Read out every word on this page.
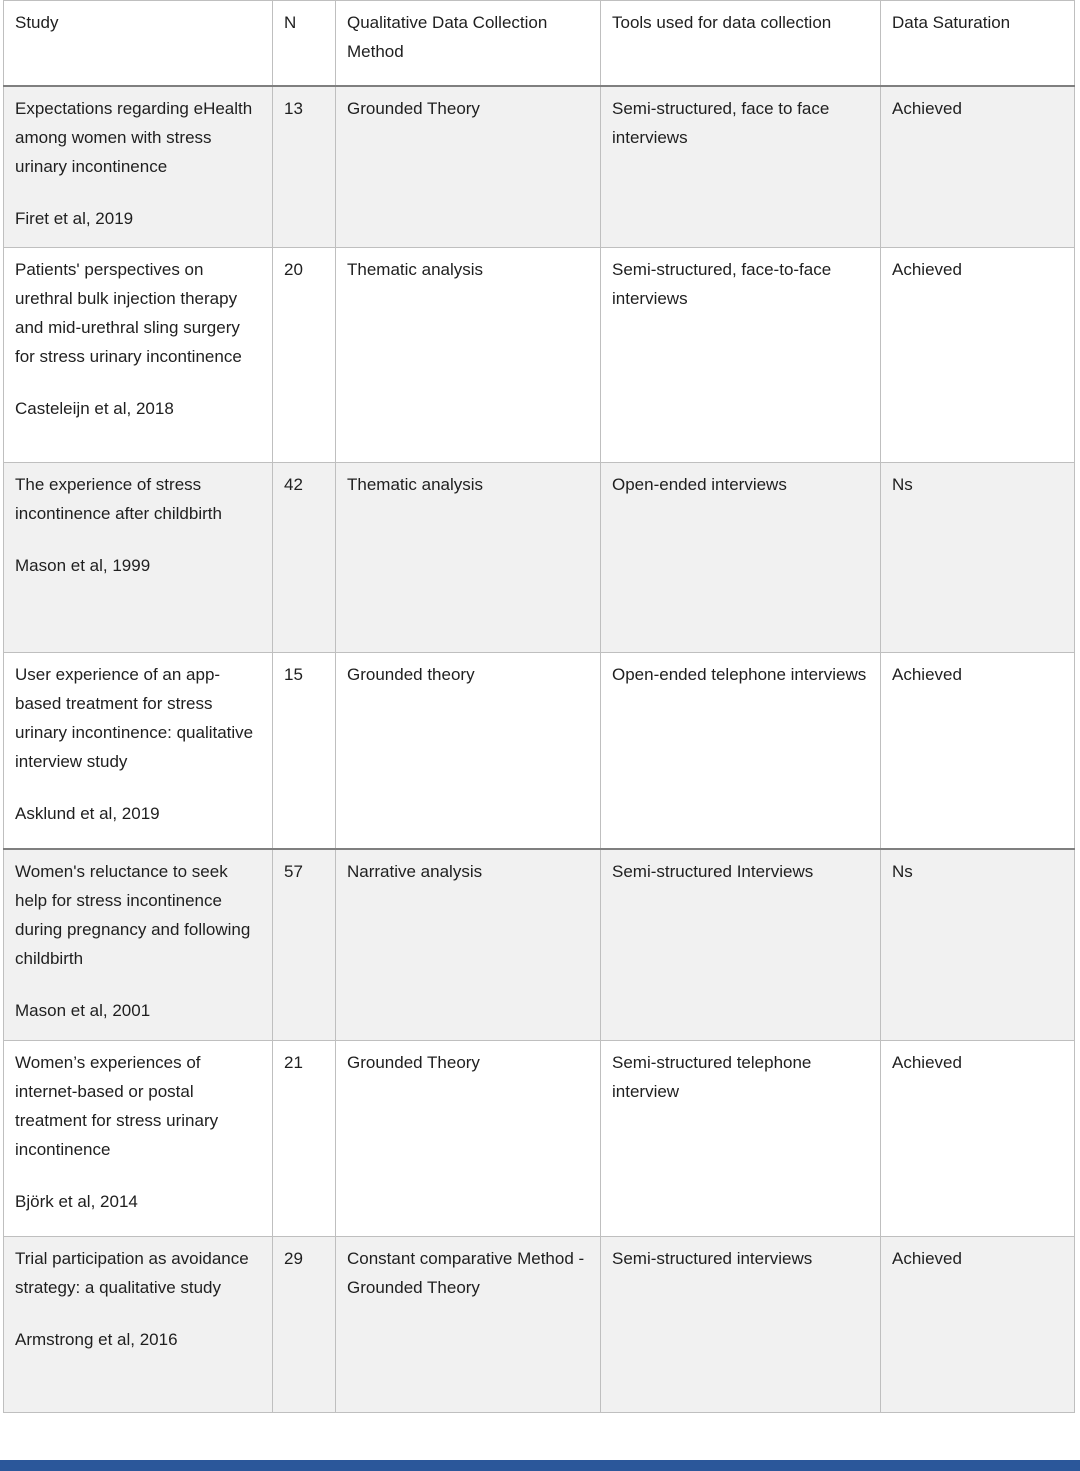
Study	N	Qualitative Data Collection Method	Tools used for data collection	Data Saturation

Expectations regarding eHealth among women with stress urinary incontinence
Firet et al, 2019	13	Grounded Theory	Semi-structured, face to face interviews	Achieved

Patients' perspectives on urethral bulk injection therapy and mid-urethral sling surgery for stress urinary incontinence
Casteleijn et al, 2018	20	Thematic analysis	Semi-structured, face-to-face interviews	Achieved

The experience of stress incontinence after childbirth
Mason et al, 1999	42	Thematic analysis	Open-ended interviews	Ns

User experience of an app-based treatment for stress urinary incontinence: qualitative interview study
Asklund et al, 2019	15	Grounded theory	Open-ended telephone interviews	Achieved

Women's reluctance to seek help for stress incontinence during pregnancy and following childbirth
Mason et al, 2001	57	Narrative analysis	Semi-structured Interviews	Ns

Women’s experiences of internet-based or postal treatment for stress urinary incontinence
Björk et al, 2014	21	Grounded Theory	Semi-structured telephone interview	Achieved

Trial participation as avoidance strategy: a qualitative study
Armstrong et al, 2016	29	Constant comparative Method - Grounded Theory	Semi-structured interviews	Achieved
